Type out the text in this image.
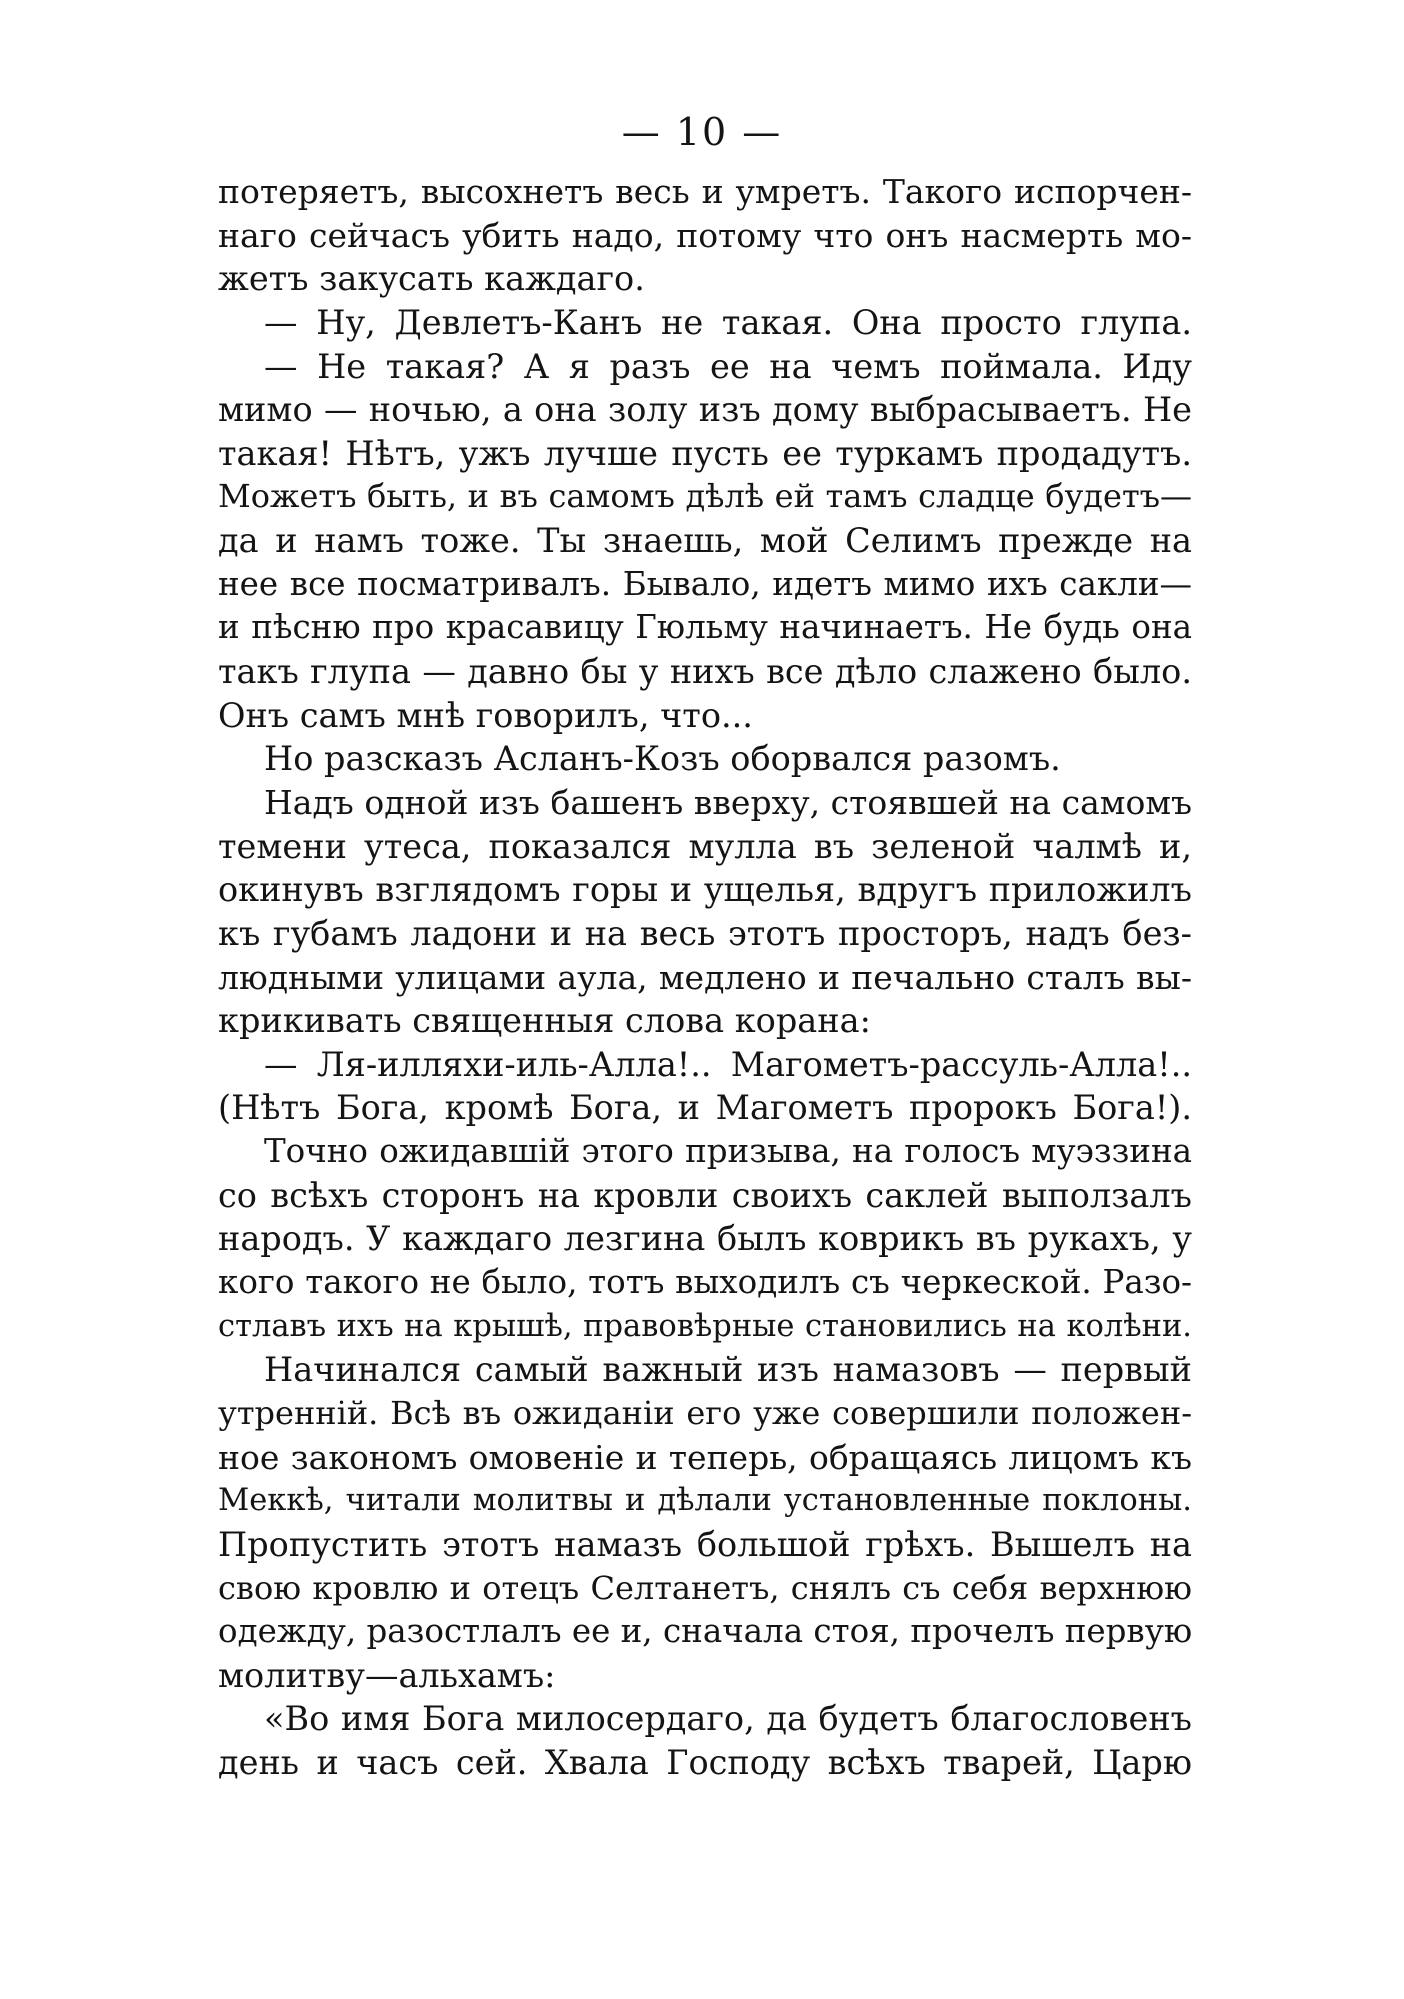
— 10 —
потеряетъ, высохнетъ весь и умретъ. Такого испорчен-
наго сейчасъ убить надо, потому что онъ насмерть мо-
жетъ закусать каждаго.
— Ну, Девлетъ-Канъ не такая. Она просто глупа.
— Не такая? А я разъ ее на чемъ поймала. Иду
мимо — ночью, а она золу изъ дому выбрасываетъ. Не
такая! Нѣтъ, ужъ лучше пусть ее туркамъ продадутъ.
Можетъ быть, и въ самомъ дѣлѣ ей тамъ сладце будетъ—
да и намъ тоже. Ты знаешь, мой Селимъ прежде на
нее все посматривалъ. Бывало, идетъ мимо ихъ сакли—
и пѣсню про красавицу Гюльму начинаетъ. Не будь она
такъ глупа — давно бы у нихъ все дѣло слажено было.
Онъ самъ мнѣ говорилъ, что...
Но разсказъ Асланъ-Козъ оборвался разомъ.
Надъ одной изъ башенъ вверху, стоявшей на самомъ
темени утеса, показался мулла въ зеленой чалмѣ и,
окинувъ взглядомъ горы и ущелья, вдругъ приложилъ
къ губамъ ладони и на весь этотъ просторъ, надъ без-
людными улицами аула, медлено и печально сталъ вы-
крикивать священныя слова корана:
— Ля-илляхи-иль-Алла!.. Магометъ-рассуль-Алла!..
(Нѣтъ Бога, кромѣ Бога, и Магометъ пророкъ Бога!).
Точно ожидавшій этого призыва, на голосъ муэззина
со всѣхъ сторонъ на кровли своихъ саклей выползалъ
народъ. У каждаго лезгина былъ коврикъ въ рукахъ, у
кого такого не было, тотъ выходилъ съ черкеской. Разо-
стлавъ ихъ на крышѣ, правовѣрные становились на колѣни.
Начинался самый важный изъ намазовъ — первый
утренній. Всѣ въ ожиданіи его уже совершили положен-
ное закономъ омовеніе и теперь, обращаясь лицомъ къ
Меккѣ, читали молитвы и дѣлали установленные поклоны.
Пропустить этотъ намазъ большой грѣхъ. Вышелъ на
свою кровлю и отецъ Селтанетъ, снялъ съ себя верхнюю
одежду, разостлалъ ее и, сначала стоя, прочелъ первую
молитву—альхамъ:
«Во имя Бога милосердаго, да будетъ благословенъ
день и часъ сей. Хвала Господу всѣхъ тварей, Царю
